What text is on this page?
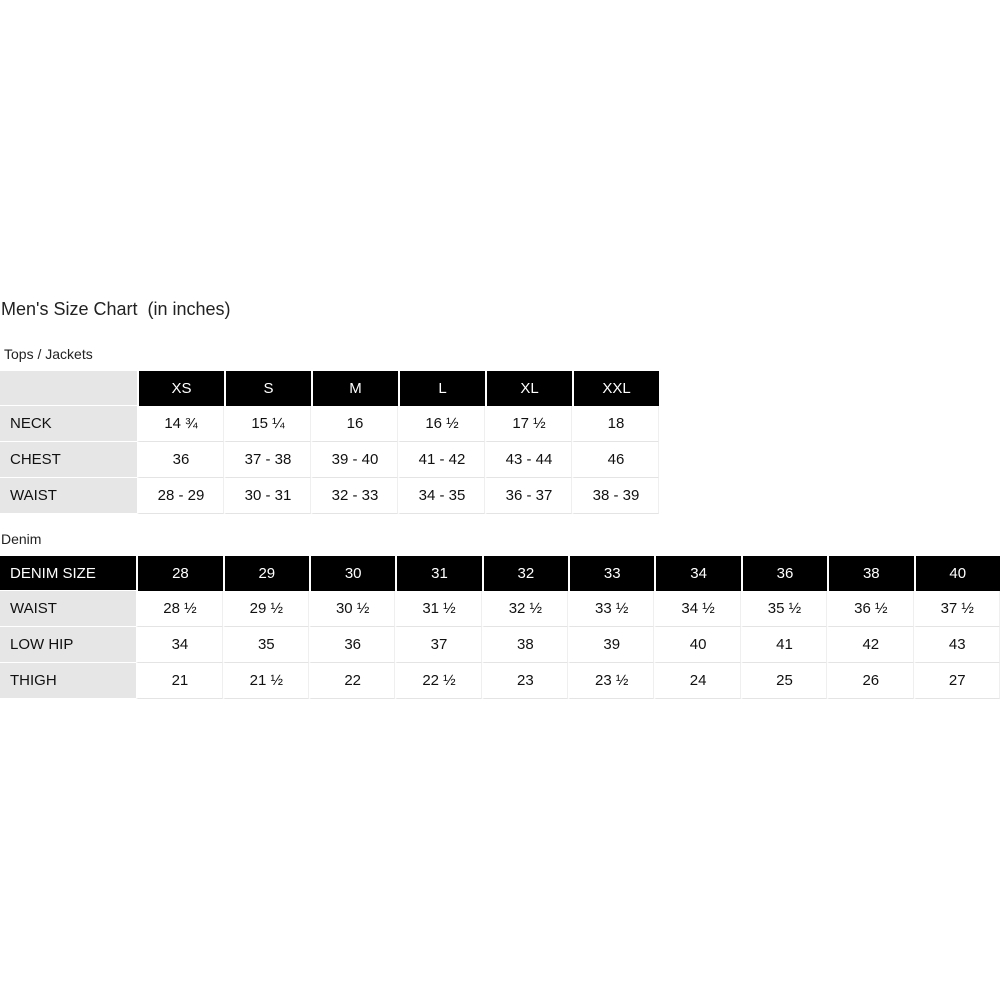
Men's Size Chart  (in inches)
Tops / Jackets
	XS	S	M	L	XL	XXL
NECK	14 ¾	15 ¼	16	16 ½	17 ½	18
CHEST	36	37 - 38	39 - 40	41 - 42	43 - 44	46
WAIST	28 - 29	30 - 31	32 - 33	34 - 35	36 - 37	38 - 39
Denim
DENIM SIZE	28	29	30	31	32	33	34	36	38	40
WAIST	28 ½	29 ½	30 ½	31 ½	32 ½	33 ½	34 ½	35 ½	36 ½	37 ½
LOW HIP	34	35	36	37	38	39	40	41	42	43
THIGH	21	21 ½	22	22 ½	23	23 ½	24	25	26	27
